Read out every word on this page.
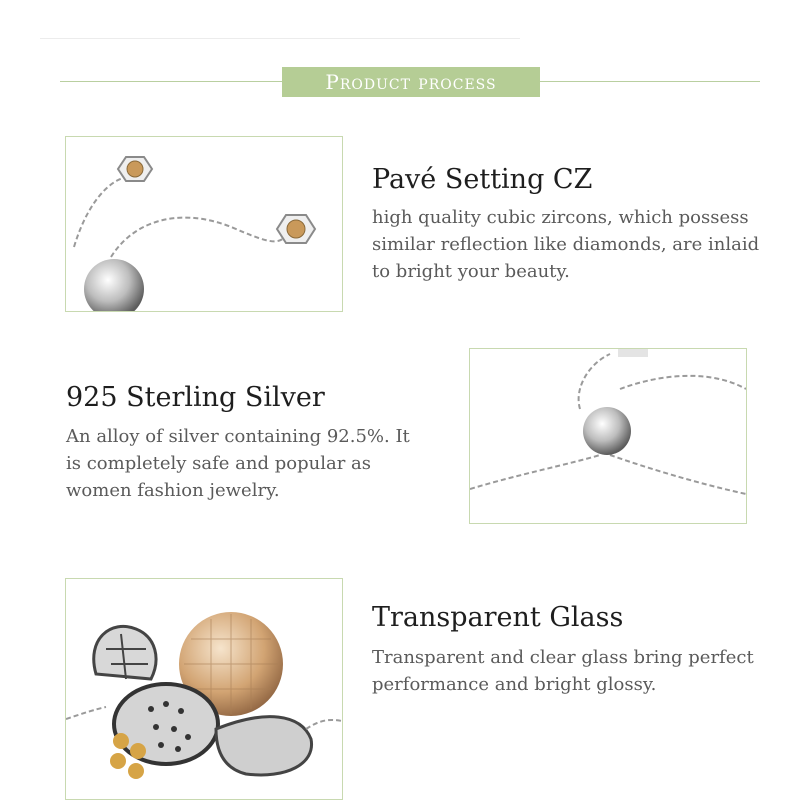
Product process
Pavé Setting CZ
high quality cubic zircons, which possess similar reflection like diamonds, are inlaid to bright your beauty.
925 Sterling Silver
An alloy of silver containing 92.5%. It is completely safe and popular as women fashion jewelry.
Transparent Glass
Transparent and clear glass bring perfect performance and bright glossy.
